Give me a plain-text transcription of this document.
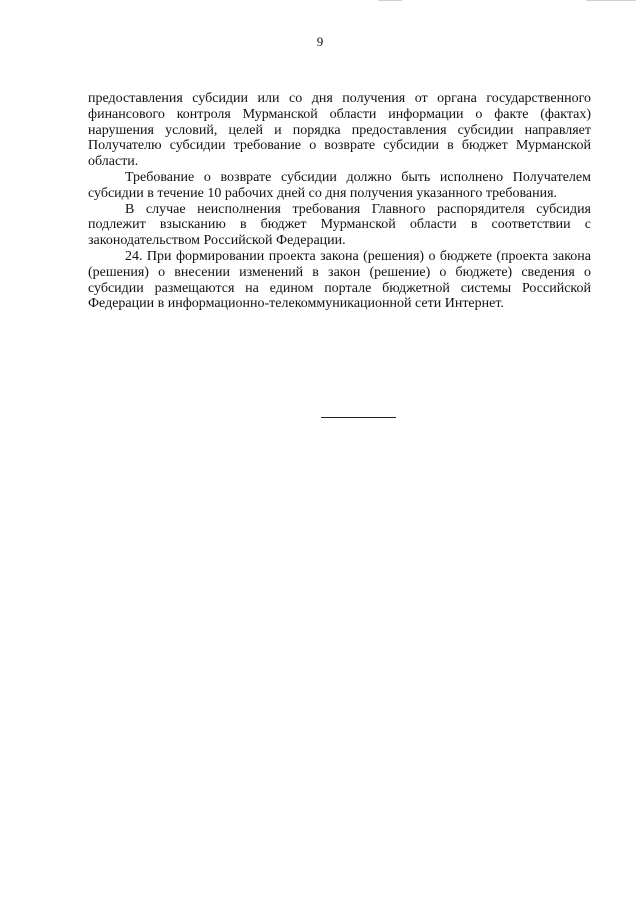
9

предоставления субсидии или со дня получения от органа государственного финансового контроля Мурманской области информации о факте (фактах) нарушения условий, целей и порядка предоставления субсидии направляет Получателю субсидии требование о возврате субсидии в бюджет Мурманской области.

Требование о возврате субсидии должно быть исполнено Получателем субсидии в течение 10 рабочих дней со дня получения указанного требования.

В случае неисполнения требования Главного распорядителя субсидия подлежит взысканию в бюджет Мурманской области в соответствии с законодательством Российской Федерации.

24. При формировании проекта закона (решения) о бюджете (проекта закона (решения) о внесении изменений в закон (решение) о бюджете) сведения о субсидии размещаются на едином портале бюджетной системы Российской Федерации в информационно-телекоммуникационной сети Интернет.
